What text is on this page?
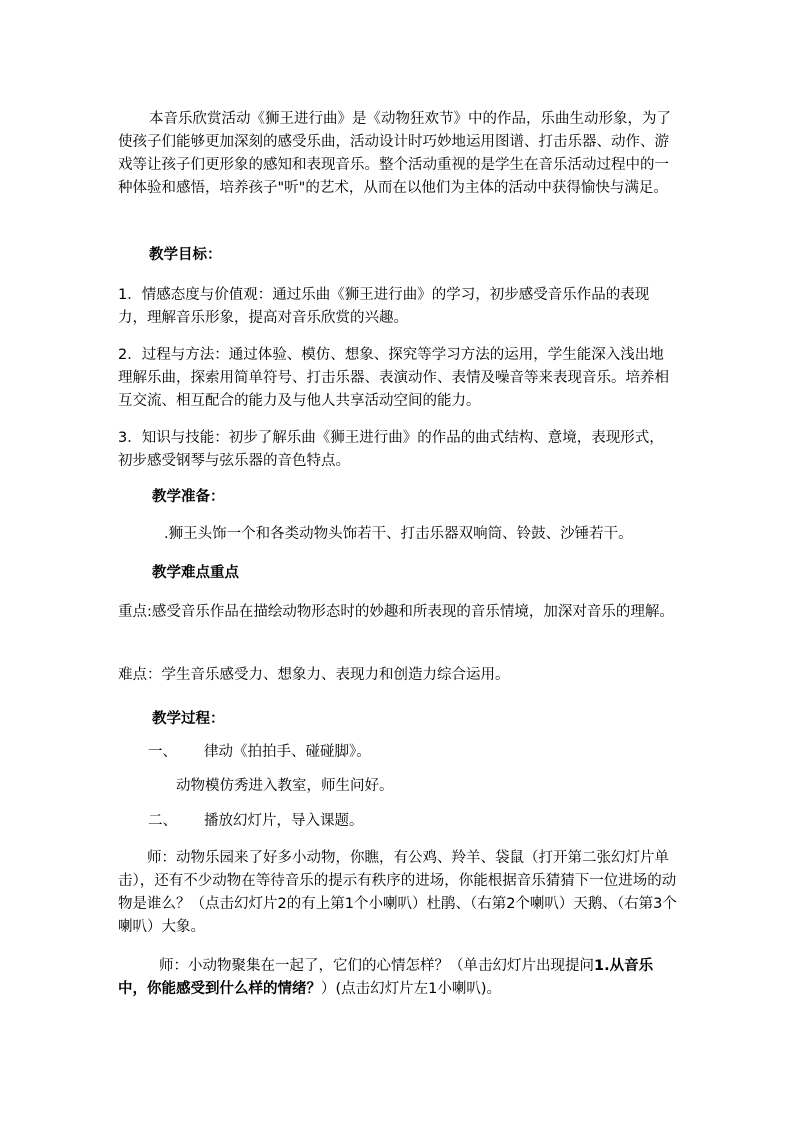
本音乐欣赏活动《狮王进行曲》是《动物狂欢节》中的作品，乐曲生动形象，为了使孩子们能够更加深刻的感受乐曲，活动设计时巧妙地运用图谱、打击乐器、动作、游戏等让孩子们更形象的感知和表现音乐。整个活动重视的是学生在音乐活动过程中的一种体验和感悟，培养孩子"听"的艺术，从而在以他们为主体的活动中获得愉快与满足。

教学目标：

1．情感态度与价值观：通过乐曲《狮王进行曲》的学习，初步感受音乐作品的表现力，理解音乐形象，提高对音乐欣赏的兴趣。

2．过程与方法：通过体验、模仿、想象、探究等学习方法的运用，学生能深入浅出地理解乐曲，探索用简单符号、打击乐器、表演动作、表情及噪音等来表现音乐。培养相互交流、相互配合的能力及与他人共享活动空间的能力。

3．知识与技能：初步了解乐曲《狮王进行曲》的作品的曲式结构、意境，表现形式，初步感受钢琴与弦乐器的音色特点。

教学准备：

.狮王头饰一个和各类动物头饰若干、打击乐器双响筒、铃鼓、沙锤若干。

教学难点重点

重点:感受音乐作品在描绘动物形态时的妙趣和所表现的音乐情境，加深对音乐的理解。

难点：学生音乐感受力、想象力、表现力和创造力综合运用。

教学过程：

一、 律动《拍拍手、碰碰脚》。

动物模仿秀进入教室，师生问好。

二、 播放幻灯片，导入课题。

师：动物乐园来了好多小动物，你瞧，有公鸡、羚羊、袋鼠（打开第二张幻灯片单击），还有不少动物在等待音乐的提示有秩序的进场，你能根据音乐猜猜下一位进场的动物是谁么？（点击幻灯片2的有上第1个小喇叭）杜鹃、（右第2个喇叭）天鹅、（右第3个喇叭）大象。

师：小动物聚集在一起了，它们的心情怎样？（单击幻灯片出现提问1.从音乐中，你能感受到什么样的情绪？）(点击幻灯片左1小喇叭)。
